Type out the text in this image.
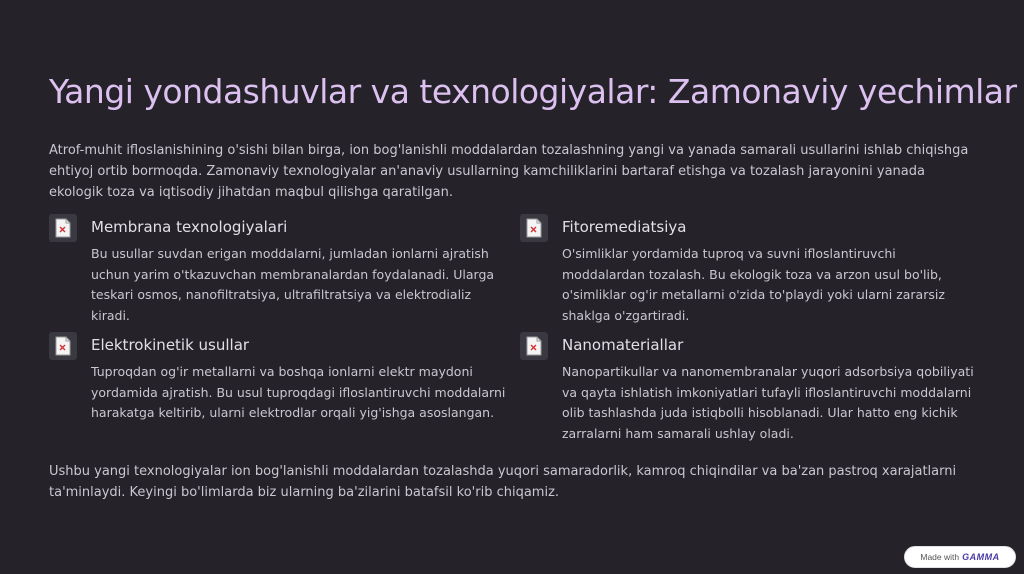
Yangi yondashuvlar va texnologiyalar: Zamonaviy yechimlar

Atrof-muhit ifloslanishining o'sishi bilan birga, ion bog'lanishli moddalardan tozalashning yangi va yanada samarali usullarini ishlab chiqishga ehtiyoj ortib bormoqda. Zamonaviy texnologiyalar an'anaviy usullarning kamchiliklarini bartaraf etishga va tozalash jarayonini yanada ekologik toza va iqtisodiy jihatdan maqbul qilishga qaratilgan.

Membrana texnologiyalari
Bu usullar suvdan erigan moddalarni, jumladan ionlarni ajratish uchun yarim o'tkazuvchan membranalardan foydalanadi. Ularga teskari osmos, nanofiltratsiya, ultrafiltratsiya va elektrodializ kiradi.
Fitoremediatsiya
O'simliklar yordamida tuproq va suvni ifloslantiruvchi moddalardan tozalash. Bu ekologik toza va arzon usul bo'lib, o'simliklar og'ir metallarni o'zida to'playdi yoki ularni zararsiz shaklga o'zgartiradi.
Elektrokinetik usullar
Tuproqdan og'ir metallarni va boshqa ionlarni elektr maydoni yordamida ajratish. Bu usul tuproqdagi ifloslantiruvchi moddalarni harakatga keltirib, ularni elektrodlar orqali yig'ishga asoslangan.
Nanomateriallar
Nanopartikullar va nanomembranalar yuqori adsorbsiya qobiliyati va qayta ishlatish imkoniyatlari tufayli ifloslantiruvchi moddalarni olib tashlashda juda istiqbolli hisoblanadi. Ular hatto eng kichik zarralarni ham samarali ushlay oladi.

Ushbu yangi texnologiyalar ion bog'lanishli moddalardan tozalashda yuqori samaradorlik, kamroq chiqindilar va ba'zan pastroq xarajatlarni ta'minlaydi. Keyingi bo'limlarda biz ularning ba'zilarini batafsil ko'rib chiqamiz.

Made with GAMMA
